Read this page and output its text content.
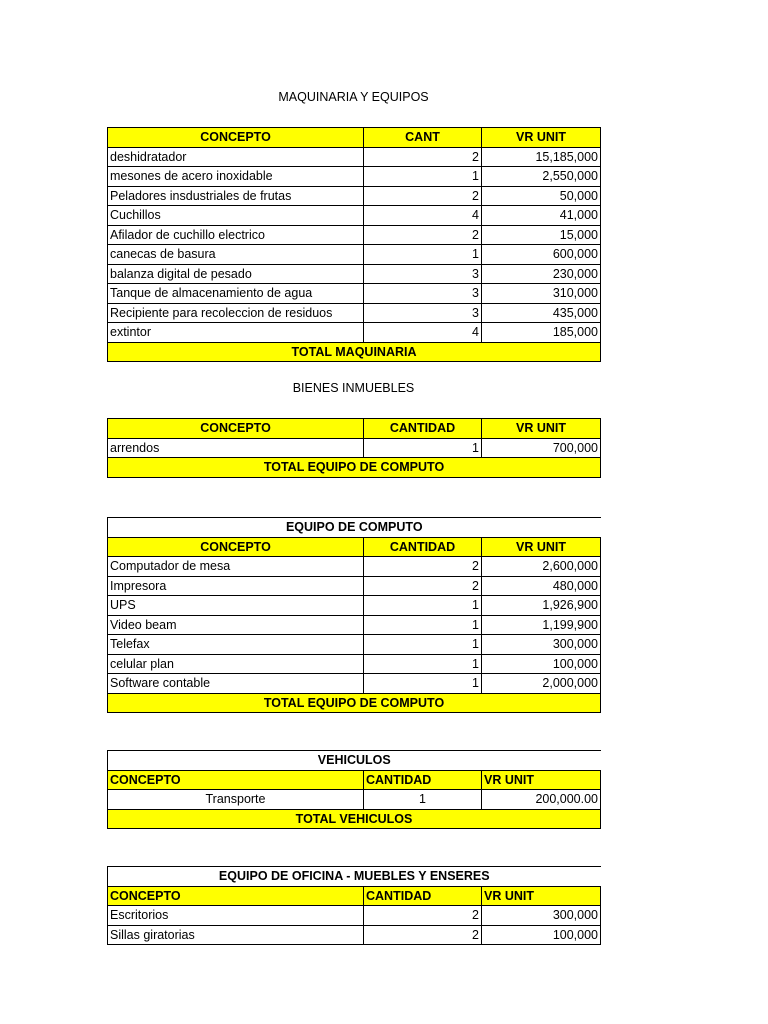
MAQUINARIA Y EQUIPOS
CONCEPTO	CANT	VR UNIT
deshidratador	2	15,185,000
mesones de acero inoxidable	1	2,550,000
Peladores insdustriales de frutas	2	50,000
Cuchillos	4	41,000
Afilador de cuchillo electrico	2	15,000
canecas de basura	1	600,000
balanza digital de pesado	3	230,000
Tanque de almacenamiento de agua	3	310,000
Recipiente para recoleccion de residuos	3	435,000
extintor	4	185,000
TOTAL MAQUINARIA		
BIENES INMUEBLES
CONCEPTO	CANTIDAD	VR UNIT
arrendos	1	700,000
TOTAL EQUIPO DE COMPUTO		
EQUIPO DE COMPUTO		
CONCEPTO	CANTIDAD	VR UNIT
Computador de mesa	2	2,600,000
Impresora	2	480,000
UPS	1	1,926,900
Video beam	1	1,199,900
Telefax	1	300,000
celular plan	1	100,000
Software contable	1	2,000,000
TOTAL EQUIPO DE COMPUTO		
VEHICULOS		
CONCEPTO	CANTIDAD	VR UNIT
Transporte	1	200,000.00
TOTAL VEHICULOS		
EQUIPO DE OFICINA - MUEBLES Y ENSERES		
CONCEPTO	CANTIDAD	VR UNIT
Escritorios	2	300,000
Sillas giratorias	2	100,000
